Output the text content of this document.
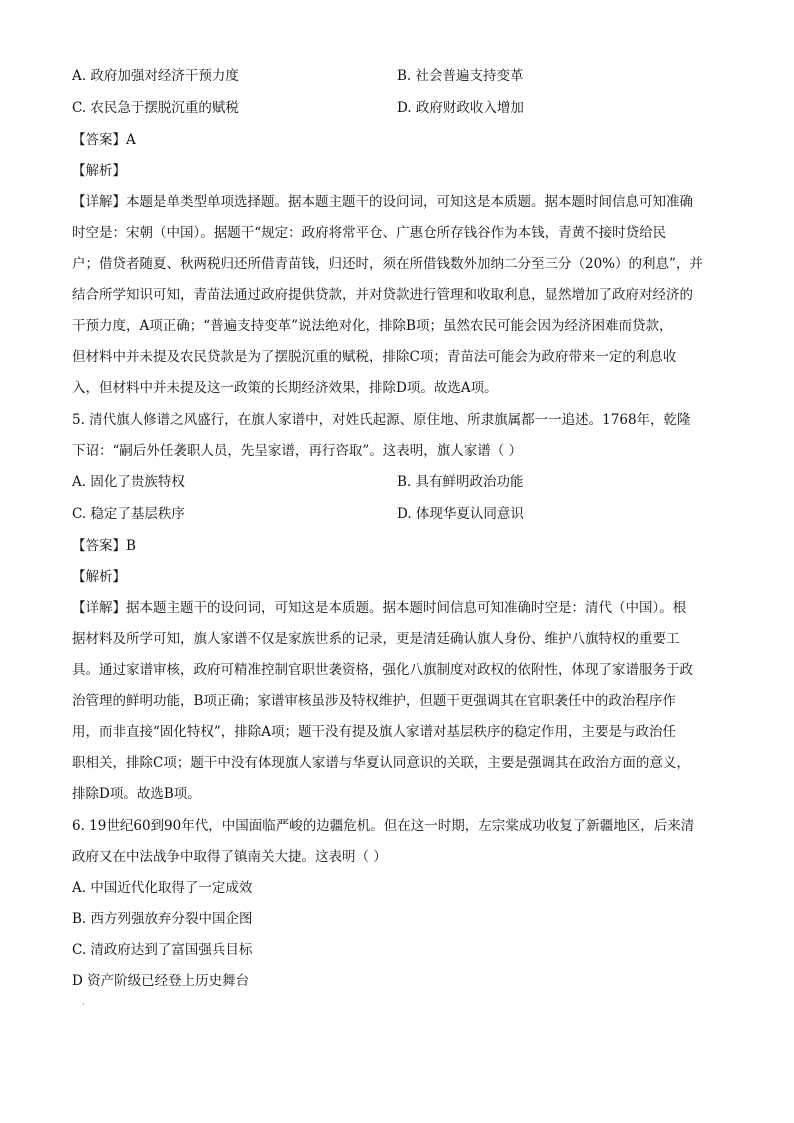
A. 政府加强对经济干预力度	B. 社会普遍支持变革
C. 农民急于摆脱沉重的赋税	D. 政府财政收入增加
【答案】A
【解析】
【详解】本题是单类型单项选择题。据本题主题干的设问词，可知这是本质题。据本题时间信息可知准确
时空是：宋朝（中国）。据题干“规定：政府将常平仓、广惠仓所存钱谷作为本钱，青黄不接时贷给民
户；借贷者随夏、秋两税归还所借青苗钱，归还时，须在所借钱数外加纳二分至三分（20%）的利息”，并
结合所学知识可知，青苗法通过政府提供贷款，并对贷款进行管理和收取利息，显然增加了政府对经济的
干预力度，A项正确；“普遍支持变革”说法绝对化，排除B项；虽然农民可能会因为经济困难而贷款，
但材料中并未提及农民贷款是为了摆脱沉重的赋税，排除C项；青苗法可能会为政府带来一定的利息收
入，但材料中并未提及这一政策的长期经济效果，排除D项。故选A项。
5. 清代旗人修谱之风盛行，在旗人家谱中，对姓氏起源、原住地、所隶旗属都一一追述。1768年，乾隆
下诏：“嗣后外任袭职人员，先呈家谱，再行咨取”。这表明，旗人家谱（ ）
A. 固化了贵族特权	B. 具有鲜明政治功能
C. 稳定了基层秩序	D. 体现华夏认同意识
【答案】B
【解析】
【详解】据本题主题干的设问词，可知这是本质题。据本题时间信息可知准确时空是：清代（中国）。根
据材料及所学可知，旗人家谱不仅是家族世系的记录，更是清廷确认旗人身份、维护八旗特权的重要工
具。通过家谱审核，政府可精准控制官职世袭资格，强化八旗制度对政权的依附性，体现了家谱服务于政
治管理的鲜明功能，B项正确；家谱审核虽涉及特权维护，但题干更强调其在官职袭任中的政治程序作
用，而非直接“固化特权”，排除A项；题干没有提及旗人家谱对基层秩序的稳定作用，主要是与政治任
职相关，排除C项；题干中没有体现旗人家谱与华夏认同意识的关联，主要是强调其在政治方面的意义，
排除D项。故选B项。
6. 19世纪60到90年代，中国面临严峻的边疆危机。但在这一时期，左宗棠成功收复了新疆地区，后来清
政府又在中法战争中取得了镇南关大捷。这表明（ ）
A. 中国近代化取得了一定成效
B. 西方列强放弃分裂中国企图
C. 清政府达到了富国强兵目标
D 资产阶级已经登上历史舞台
·
